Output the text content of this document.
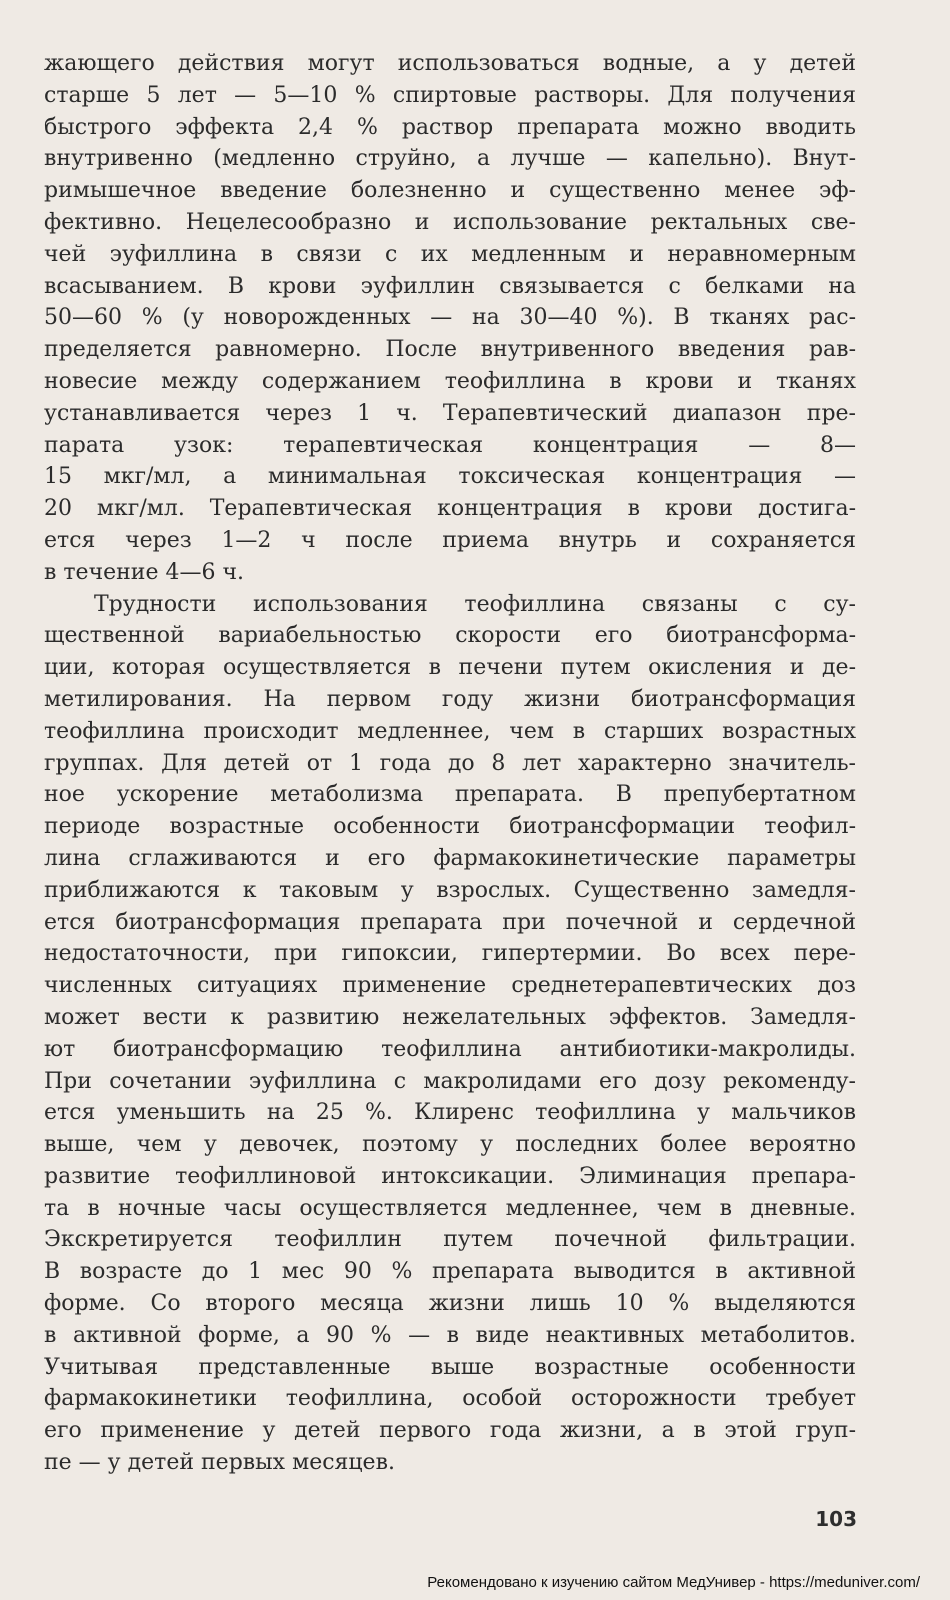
жающего действия могут использоваться водные, а у детей
старше 5 лет — 5—10 % спиртовые растворы. Для получения
быстрого эффекта 2,4 % раствор препарата можно вводить
внутривенно (медленно струйно, а лучше — капельно). Внут-
римышечное введение болезненно и существенно менее эф-
фективно. Нецелесообразно и использование ректальных све-
чей эуфиллина в связи с их медленным и неравномерным
всасыванием. В крови эуфиллин связывается с белками на
50—60 % (у новорожденных — на 30—40 %). В тканях рас-
пределяется равномерно. После внутривенного введения рав-
новесие между содержанием теофиллина в крови и тканях
устанавливается через 1 ч. Терапевтический диапазон пре-
парата узок: терапевтическая концентрация — 8—
15 мкг/мл, а минимальная токсическая концентрация —
20 мкг/мл. Терапевтическая концентрация в крови достига-
ется через 1—2 ч после приема внутрь и сохраняется
в течение 4—6 ч.
Трудности использования теофиллина связаны с су-
щественной вариабельностью скорости его биотрансформа-
ции, которая осуществляется в печени путем окисления и де-
метилирования. На первом году жизни биотрансформация
теофиллина происходит медленнее, чем в старших возрастных
группах. Для детей от 1 года до 8 лет характерно значитель-
ное ускорение метаболизма препарата. В препубертатном
периоде возрастные особенности биотрансформации теофил-
лина сглаживаются и его фармакокинетические параметры
приближаются к таковым у взрослых. Существенно замедля-
ется биотрансформация препарата при почечной и сердечной
недостаточности, при гипоксии, гипертермии. Во всех пере-
численных ситуациях применение среднетерапевтических доз
может вести к развитию нежелательных эффектов. Замедля-
ют биотрансформацию теофиллина антибиотики-макролиды.
При сочетании эуфиллина с макролидами его дозу рекоменду-
ется уменьшить на 25 %. Клиренс теофиллина у мальчиков
выше, чем у девочек, поэтому у последних более вероятно
развитие теофиллиновой интоксикации. Элиминация препара-
та в ночные часы осуществляется медленнее, чем в дневные.
Экскретируется теофиллин путем почечной фильтрации.
В возрасте до 1 мес 90 % препарата выводится в активной
форме. Со второго месяца жизни лишь 10 % выделяются
в активной форме, а 90 % — в виде неактивных метаболитов.
Учитывая представленные выше возрастные особенности
фармакокинетики теофиллина, особой осторожности требует
его применение у детей первого года жизни, а в этой груп-
пе — у детей первых месяцев.
103
Рекомендовано к изучению сайтом МедУнивер - https://meduniver.com/
